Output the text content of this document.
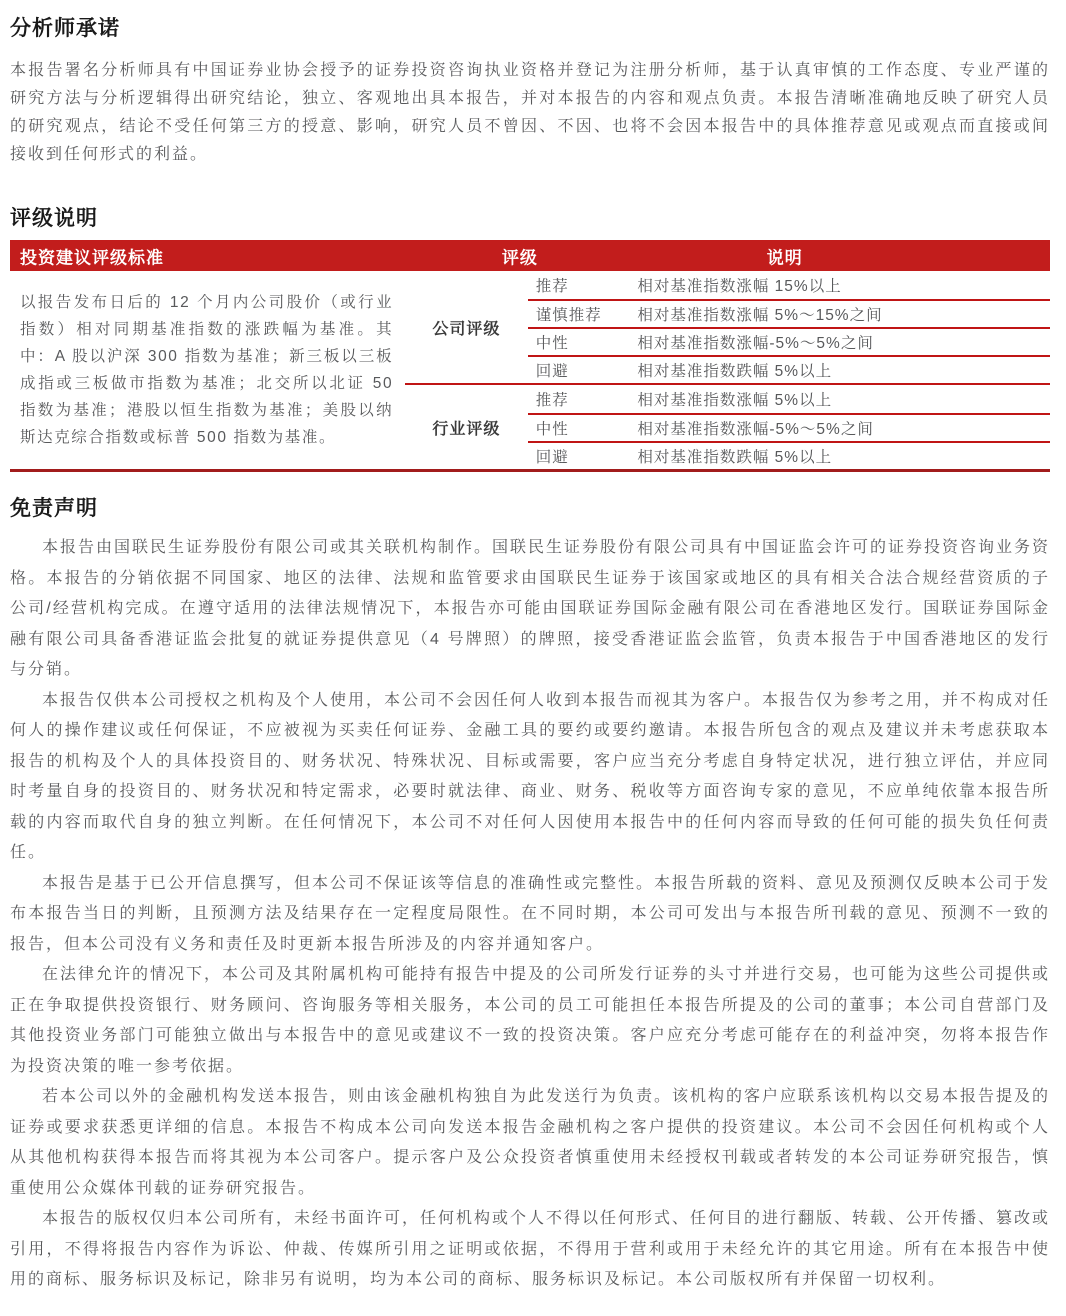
分析师承诺

本报告署名分析师具有中国证券业协会授予的证券投资咨询执业资格并登记为注册分析师，基于认真审慎的工作态度、专业严谨的研究方法与分析逻辑得出研究结论，独立、客观地出具本报告，并对本报告的内容和观点负责。本报告清晰准确地反映了研究人员的研究观点，结论不受任何第三方的授意、影响，研究人员不曾因、不因、也将不会因本报告中的具体推荐意见或观点而直接或间接收到任何形式的利益。

评级说明
投资建议评级标准	评级	说明
以报告发布日后的 12 个月内公司股价（或行业指数）相对同期基准指数的涨跌幅为基准。其中：A 股以沪深 300 指数为基准；新三板以三板成指或三板做市指数为基准；北交所以北证 50 指数为基准；港股以恒生指数为基准；美股以纳斯达克综合指数或标普 500 指数为基准。
公司评级
推荐	相对基准指数涨幅 15%以上
谨慎推荐	相对基准指数涨幅 5%～15%之间
中性	相对基准指数涨幅-5%～5%之间
回避	相对基准指数跌幅 5%以上
行业评级
推荐	相对基准指数涨幅 5%以上
中性	相对基准指数涨幅-5%～5%之间
回避	相对基准指数跌幅 5%以上
免责声明

本报告由国联民生证券股份有限公司或其关联机构制作。国联民生证券股份有限公司具有中国证监会许可的证券投资咨询业务资格。本报告的分销依据不同国家、地区的法律、法规和监管要求由国联民生证券于该国家或地区的具有相关合法合规经营资质的子公司/经营机构完成。在遵守适用的法律法规情况下，本报告亦可能由国联证券国际金融有限公司在香港地区发行。国联证券国际金融有限公司具备香港证监会批复的就证券提供意见（4 号牌照）的牌照，接受香港证监会监管，负责本报告于中国香港地区的发行与分销。

本报告仅供本公司授权之机构及个人使用，本公司不会因任何人收到本报告而视其为客户。本报告仅为参考之用，并不构成对任何人的操作建议或任何保证，不应被视为买卖任何证券、金融工具的要约或要约邀请。本报告所包含的观点及建议并未考虑获取本报告的机构及个人的具体投资目的、财务状况、特殊状况、目标或需要，客户应当充分考虑自身特定状况，进行独立评估，并应同时考量自身的投资目的、财务状况和特定需求，必要时就法律、商业、财务、税收等方面咨询专家的意见，不应单纯依靠本报告所载的内容而取代自身的独立判断。在任何情况下，本公司不对任何人因使用本报告中的任何内容而导致的任何可能的损失负任何责任。

本报告是基于已公开信息撰写，但本公司不保证该等信息的准确性或完整性。本报告所载的资料、意见及预测仅反映本公司于发布本报告当日的判断，且预测方法及结果存在一定程度局限性。在不同时期，本公司可发出与本报告所刊载的意见、预测不一致的报告，但本公司没有义务和责任及时更新本报告所涉及的内容并通知客户。

在法律允许的情况下，本公司及其附属机构可能持有报告中提及的公司所发行证券的头寸并进行交易，也可能为这些公司提供或正在争取提供投资银行、财务顾问、咨询服务等相关服务，本公司的员工可能担任本报告所提及的公司的董事；本公司自营部门及其他投资业务部门可能独立做出与本报告中的意见或建议不一致的投资决策。客户应充分考虑可能存在的利益冲突，勿将本报告作为投资决策的唯一参考依据。

若本公司以外的金融机构发送本报告，则由该金融机构独自为此发送行为负责。该机构的客户应联系该机构以交易本报告提及的证券或要求获悉更详细的信息。本报告不构成本公司向发送本报告金融机构之客户提供的投资建议。本公司不会因任何机构或个人从其他机构获得本报告而将其视为本公司客户。提示客户及公众投资者慎重使用未经授权刊载或者转发的本公司证券研究报告，慎重使用公众媒体刊载的证券研究报告。

本报告的版权仅归本公司所有，未经书面许可，任何机构或个人不得以任何形式、任何目的进行翻版、转载、公开传播、篡改或引用，不得将报告内容作为诉讼、仲裁、传媒所引用之证明或依据，不得用于营利或用于未经允许的其它用途。所有在本报告中使用的商标、服务标识及标记，除非另有说明，均为本公司的商标、服务标识及标记。本公司版权所有并保留一切权利。
